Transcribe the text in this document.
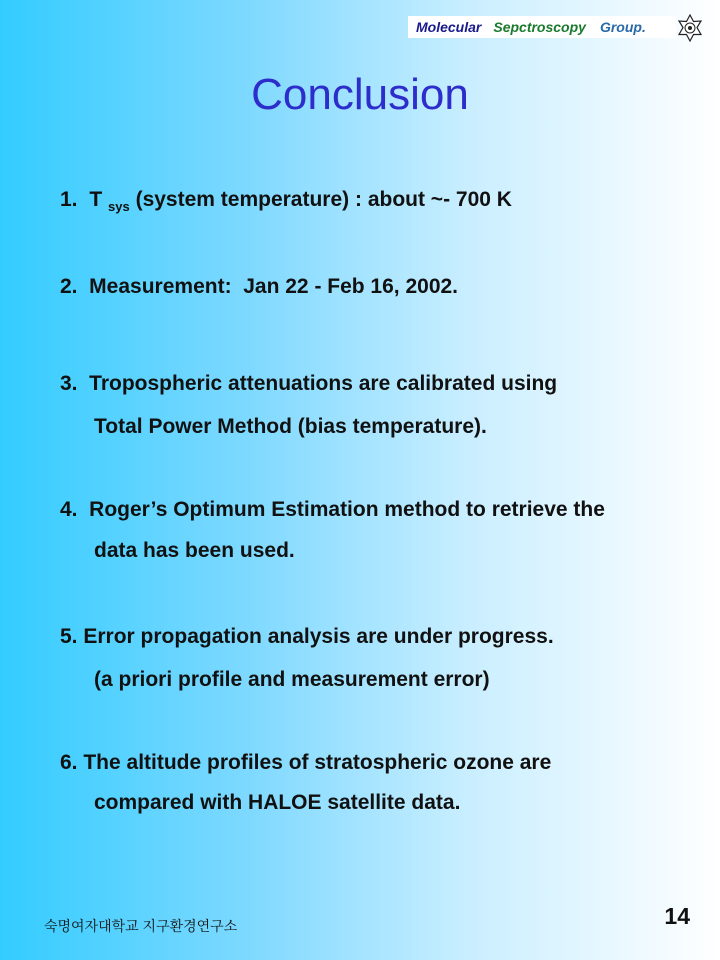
Molecular Sepctroscopy Group.
Conclusion
1. T $_{sys}$ (system temperature) : about ~- 700 K
2.  Measurement:  Jan 22 - Feb 16, 2002.
3.  Tropospheric attenuations are calibrated using
Total Power Method (bias temperature).
4.  Roger’s Optimum Estimation method to retrieve the
data has been used.
5. Error propagation analysis are under progress.
(a priori profile and measurement error)
6. The altitude profiles of stratospheric ozone are
compared with HALOE satellite data.
숙명여자대학교 지구환경연구소	14
